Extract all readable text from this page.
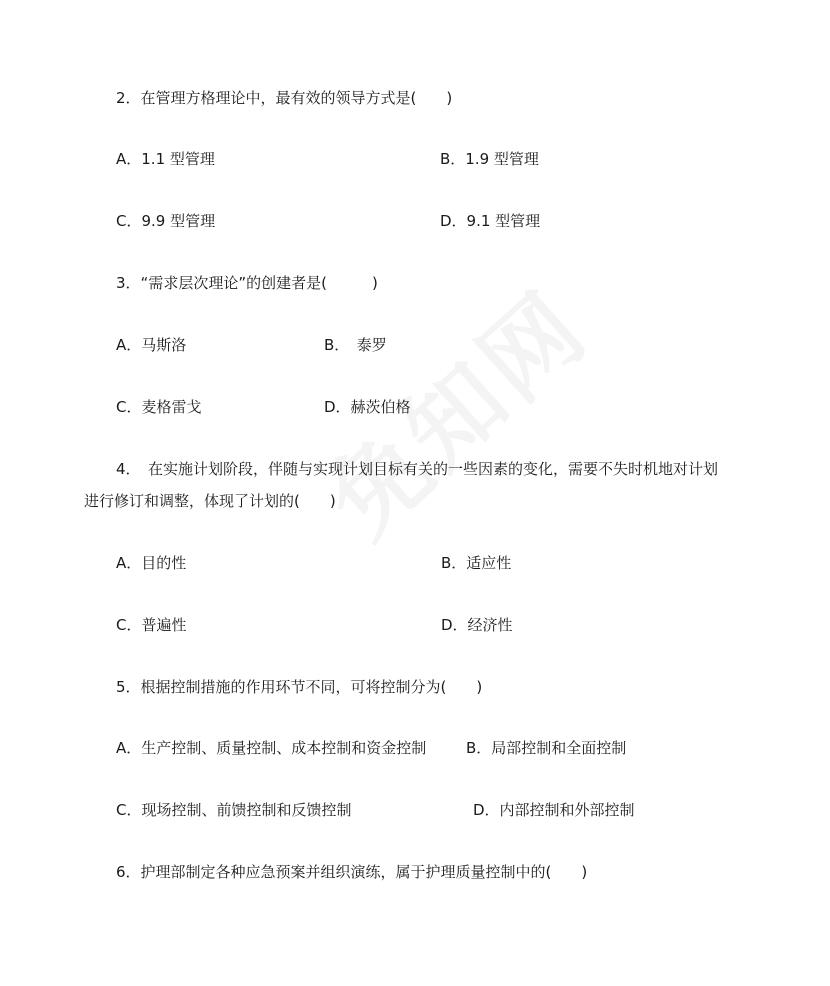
2．在管理方格理论中，最有效的领导方式是(　　)
A．1.1 型管理	B．1.9 型管理
C．9.9 型管理	D．9.1 型管理
3．“需求层次理论”的创建者是(　　　)
A．马斯洛	B．　泰罗
C．麦格雷戈	D．赫茨伯格
4．　在实施计划阶段，伴随与实现计划目标有关的一些因素的变化，需要不失时机地对计划
进行修订和调整，体现了计划的(　　)
A．目的性	B．适应性
C．普遍性	D．经济性
5．根据控制措施的作用环节不同，可将控制分为(　　)
A．生产控制、质量控制、成本控制和资金控制	B．局部控制和全面控制
C．现场控制、前馈控制和反馈控制	D．内部控制和外部控制
6．护理部制定各种应急预案并组织演练，属于护理质量控制中的(　　)
